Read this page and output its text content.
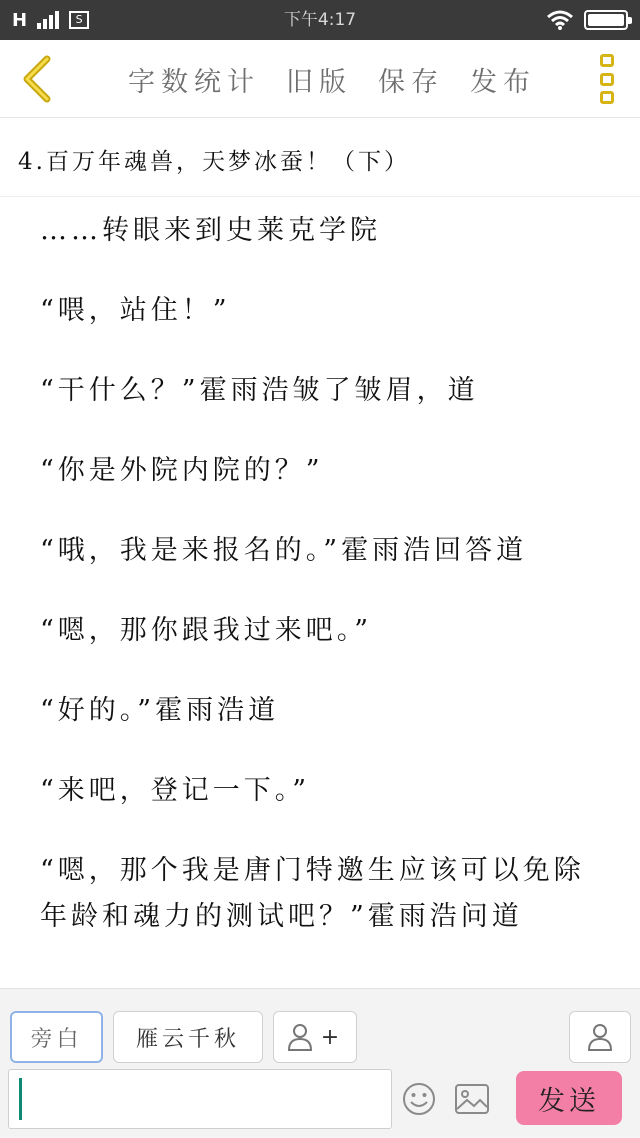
H	S	下午4:17
字数统计 旧版 保存 发布
4.百万年魂兽，天梦冰蚕！（下）

……转眼来到史莱克学院

“喂，站住！”

“干什么？”霍雨浩皱了皱眉，道

“你是外院内院的？”

“哦，我是来报名的。”霍雨浩回答道

“嗯，那你跟我过来吧。”

“好的。”霍雨浩道

“来吧，登记一下。”

“嗯，那个我是唐门特邀生应该可以免除年龄和魂力的测试吧？”霍雨浩问道

旁白	雁云千秋	+
发送
